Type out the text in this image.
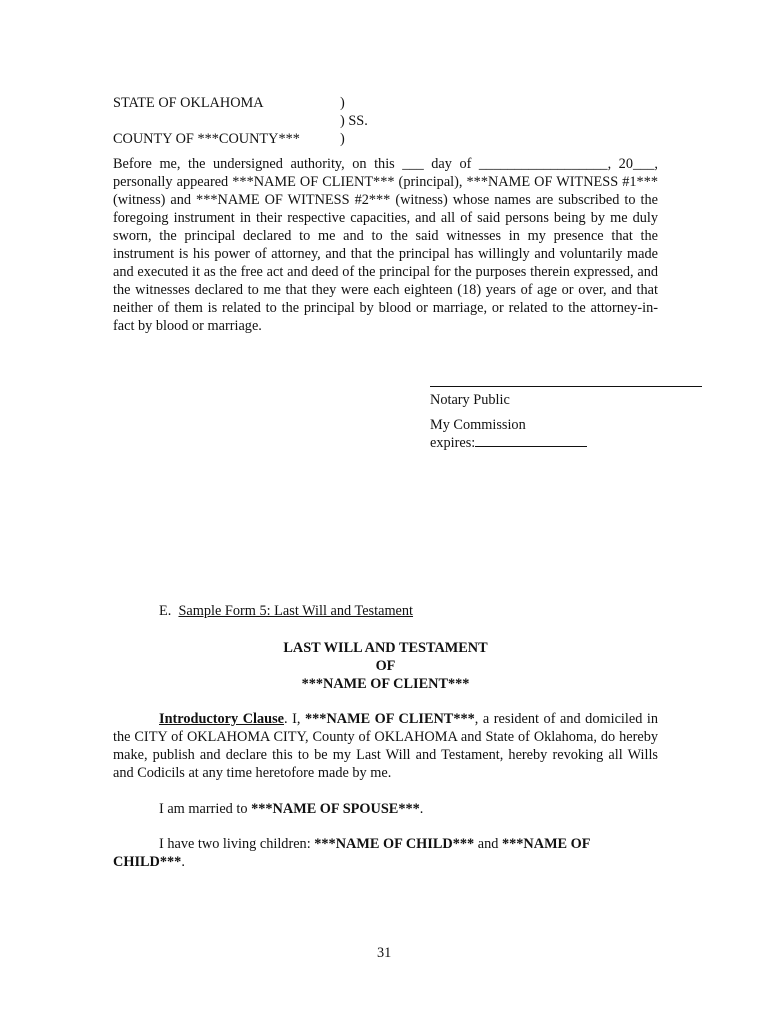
STATE OF OKLAHOMA	)
) SS.
COUNTY OF ***COUNTY***	)
Before me, the undersigned authority, on this ___ day of __________________, 20___, personally appeared ***NAME OF CLIENT*** (principal), ***NAME OF WITNESS #1*** (witness) and ***NAME OF WITNESS #2*** (witness) whose names are subscribed to the foregoing instrument in their respective capacities, and all of said persons being by me duly sworn, the principal declared to me and to the said witnesses in my presence that the instrument is his power of attorney, and that the principal has willingly and voluntarily made and executed it as the free act and deed of the principal for the purposes therein expressed, and the witnesses declared to me that they were each eighteen (18) years of age or over, and that neither of them is related to the principal by blood or marriage, or related to the attorney-in-fact by blood or marriage.
Notary Public
My Commission
expires:
E. Sample Form 5: Last Will and Testament
LAST WILL AND TESTAMENT
OF
***NAME OF CLIENT***
Introductory Clause. I, ***NAME OF CLIENT***, a resident of and domiciled in the CITY of OKLAHOMA CITY, County of OKLAHOMA and State of Oklahoma, do hereby make, publish and declare this to be my Last Will and Testament, hereby revoking all Wills and Codicils at any time heretofore made by me.
I am married to ***NAME OF SPOUSE***.
I have two living children: ***NAME OF CHILD*** and ***NAME OF CHILD***.
31
